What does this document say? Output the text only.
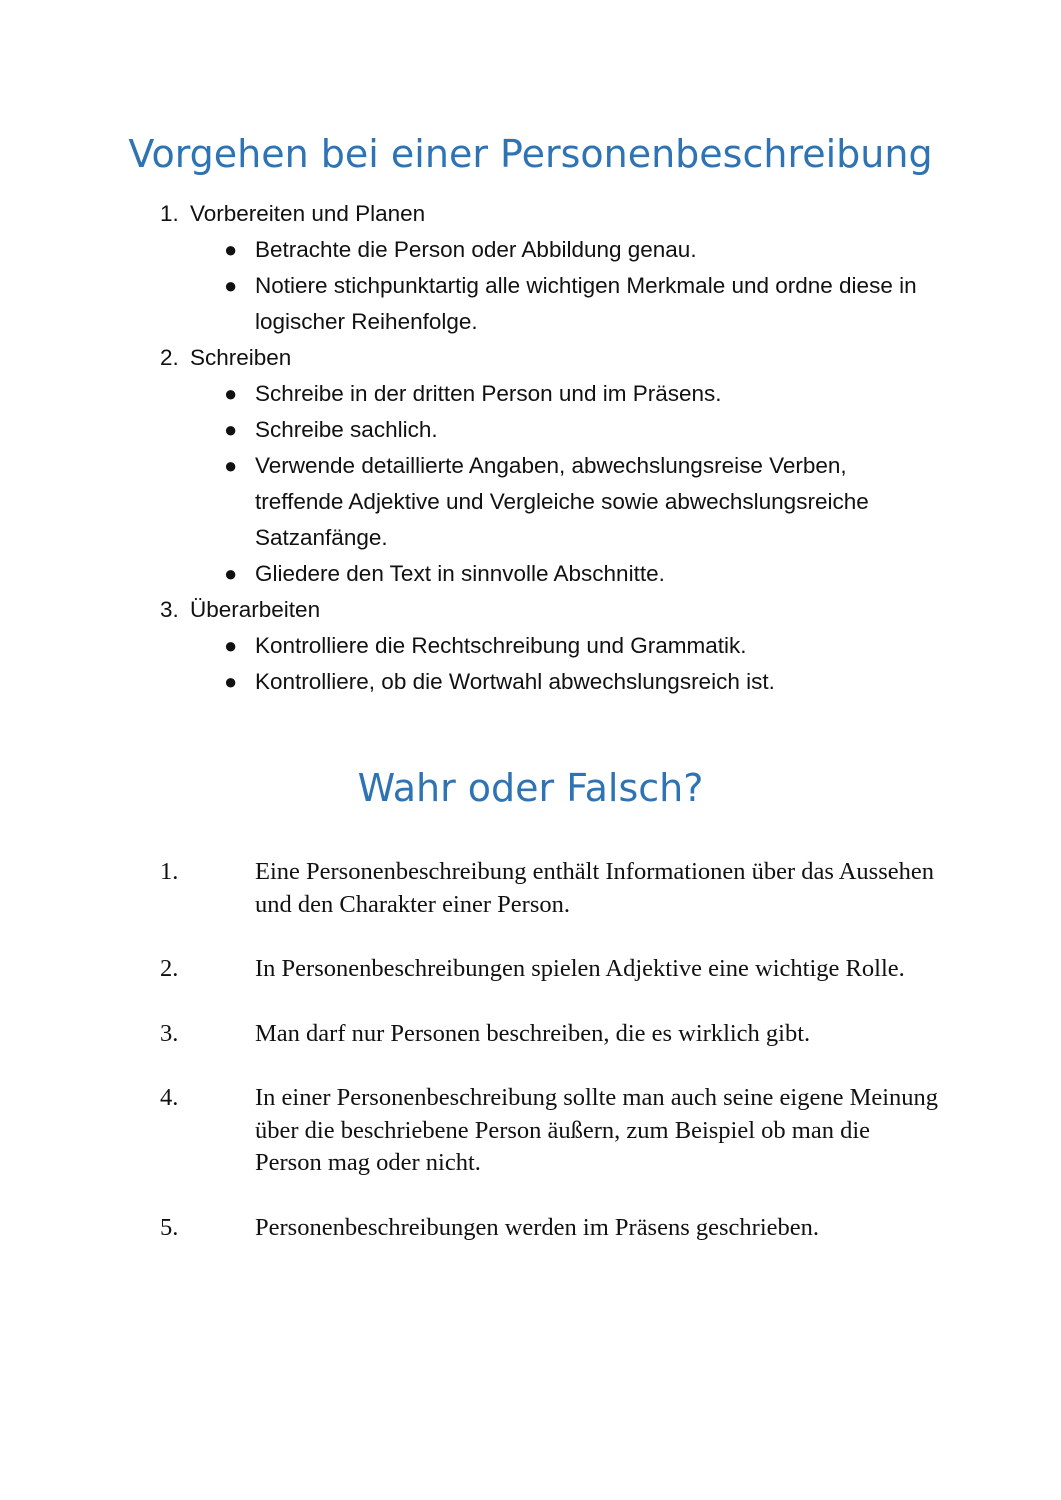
Vorgehen bei einer Personenbeschreibung
1. Vorbereiten und Planen
● Betrachte die Person oder Abbildung genau.
● Notiere stichpunktartig alle wichtigen Merkmale und ordne diese in logischer Reihenfolge.
2. Schreiben
● Schreibe in der dritten Person und im Präsens.
● Schreibe sachlich.
● Verwende detaillierte Angaben, abwechslungsreise Verben, treffende Adjektive und Vergleiche sowie abwechslungsreiche Satzanfänge.
● Gliedere den Text in sinnvolle Abschnitte.
3. Überarbeiten
● Kontrolliere die Rechtschreibung und Grammatik.
● Kontrolliere, ob die Wortwahl abwechslungsreich ist.
Wahr oder Falsch?
1.	Eine Personenbeschreibung enthält Informationen über das Aussehen und den Charakter einer Person.
2.	In Personenbeschreibungen spielen Adjektive eine wichtige Rolle.
3.	Man darf nur Personen beschreiben, die es wirklich gibt.
4.	In einer Personenbeschreibung sollte man auch seine eigene Meinung über die beschriebene Person äußern, zum Beispiel ob man die Person mag oder nicht.
5.	Personenbeschreibungen werden im Präsens geschrieben.
